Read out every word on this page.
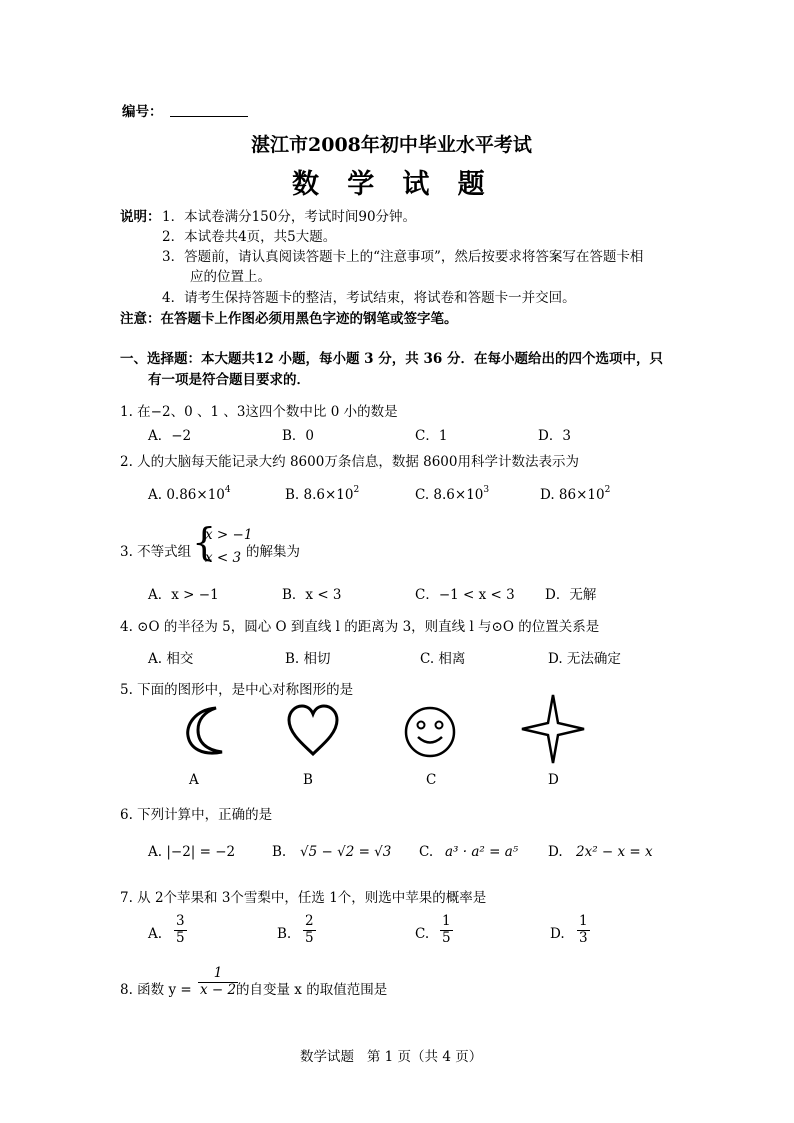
编号：
湛江市2008年初中毕业水平考试
数   学   试   题
说明： 1．本试卷满分150分，考试时间90分钟。
2．本试卷共4页，共5大题。
3．答题前，请认真阅读答题卡上的“注意事项”，然后按要求将答案写在答题卡相
应的位置上。
4．请考生保持答题卡的整洁，考试结束，将试卷和答题卡一并交回。
注意：在答题卡上作图必须用黑色字迹的钢笔或签字笔。
一、选择题：本大题共12 小题，每小题 3 分，共 36 分．在每小题给出的四个选项中，只
有一项是符合题目要求的．
1. 在−2、0 、1 、3这四个数中比 0 小的数是
A．−2	B．0	C．1	D．3
2. 人的大脑每天能记录大约 8600万条信息，数据 8600用科学计数法表示为
A. $0.86\times 10^4$	B. $8.6\times 10^2$	C. $8.6\times 10^3$	D. $86\times 10^2$
3. 不等式组 {
x > −1
x < 3 的解集为
A．x > −1	B．x < 3	C．−1 < x < 3 D．无解
4. ⊙O 的半径为 5，圆心 O 到直线 l 的距离为 3，则直线 l 与⊙O 的位置关系是
A. 相交	B. 相切	C. 相离	D. 无法确定
5. 下面的图形中，是中心对称图形的是
A	B	C	D
6. 下列计算中，正确的是
A. |−2| = −2	B. √5 − √2 = √3 C. a³ · a² = a⁵ D. 2x² − x = x
7. 从 2个苹果和 3个雪梨中，任选 1个，则选中苹果的概率是
A. $\frac{3}{5}$	B. $\frac{2}{5}$	C. $\frac{1}{5}$	D. $\frac{1}{3}$
8. 函数 $y = \frac{1}{x - 2}$
的自变量 x 的取值范围是
数学试题   第 1 页（共 4 页）
